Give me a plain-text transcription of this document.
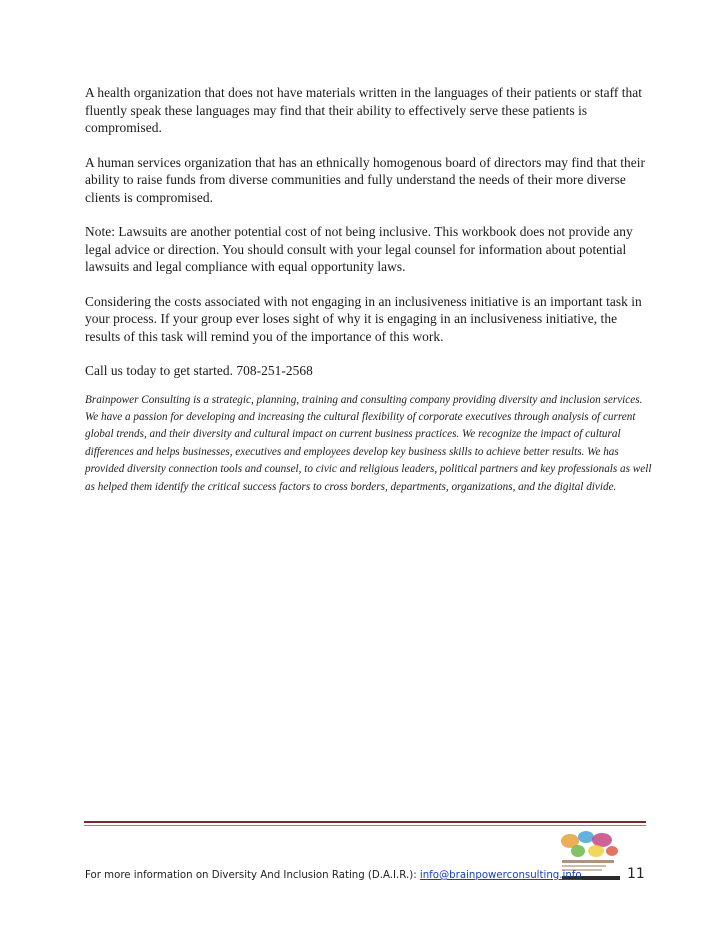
A health organization that does not have materials written in the languages of their patients or staff that fluently speak these languages may find that their ability to effectively serve these patients is compromised.

A human services organization that has an ethnically homogenous board of directors may find that their ability to raise funds from diverse communities and fully understand the needs of their more diverse clients is compromised.

Note: Lawsuits are another potential cost of not being inclusive. This workbook does not provide any legal advice or direction. You should consult with your legal counsel for information about potential lawsuits and legal compliance with equal opportunity laws.

Considering the costs associated with not engaging in an inclusiveness initiative is an important task in your process. If your group ever loses sight of why it is engaging in an inclusiveness initiative, the results of this task will remind you of the importance of this work.

Call us today to get started. 708-251-2568

Brainpower Consulting is a strategic, planning, training and consulting company providing diversity and inclusion services. We have a passion for developing and increasing the cultural flexibility of corporate executives through analysis of current global trends, and their diversity and cultural impact on current business practices. We recognize the impact of cultural differences and helps businesses, executives and employees develop key business skills to achieve better results. We has provided diversity connection tools and counsel, to civic and religious leaders, political partners and key professionals as well as helped them identify the critical success factors to cross borders, departments, organizations, and the digital divide.

For more information on Diversity And Inclusion Rating (D.A.I.R.): info@brainpowerconsulting.info	11
